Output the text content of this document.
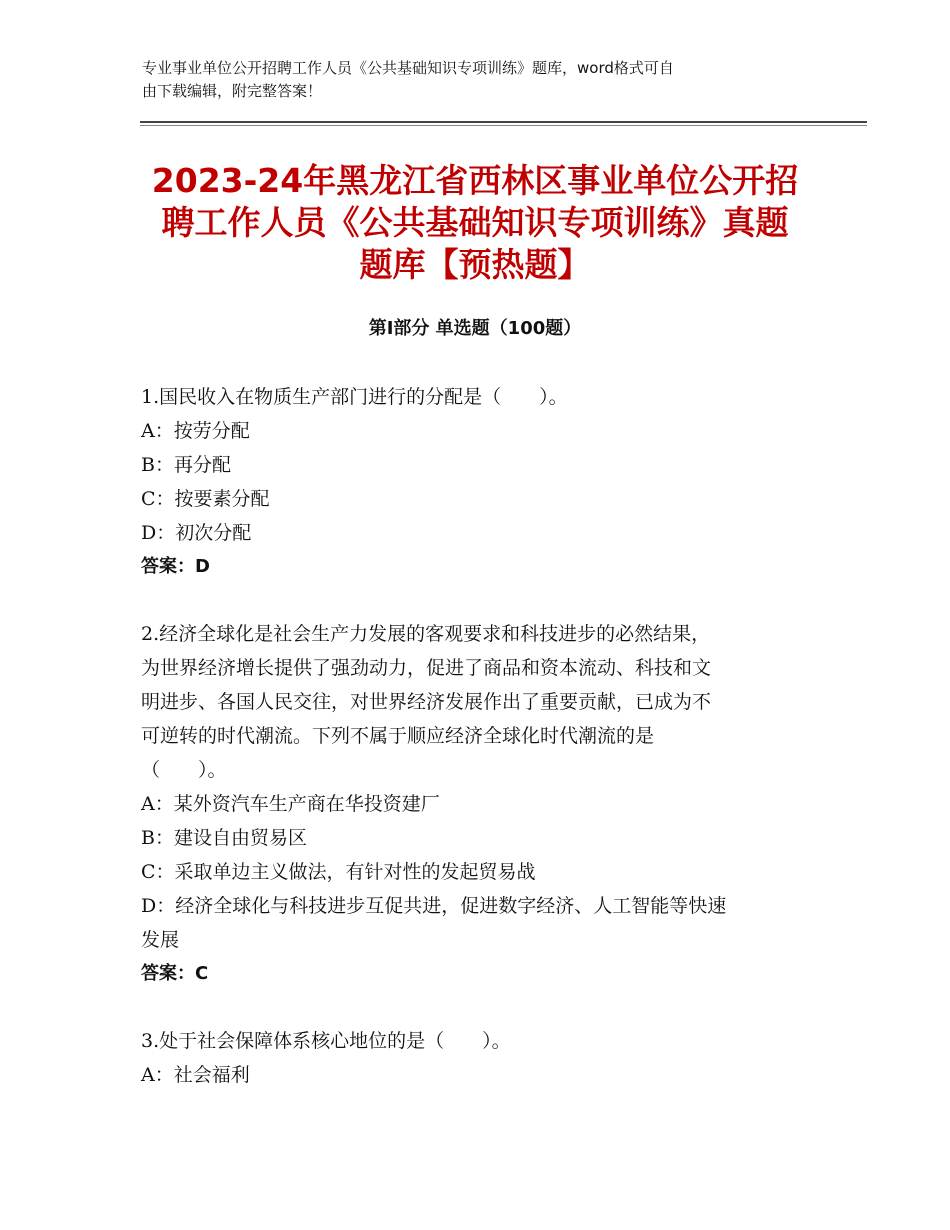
专业事业单位公开招聘工作人员《公共基础知识专项训练》题库，word格式可自
由下载编辑，附完整答案！
2023-24年黑龙江省西林区事业单位公开招
聘工作人员《公共基础知识专项训练》真题
题库【预热题】
第Ⅰ部分 单选题（100题）
1.国民收入在物质生产部门进行的分配是（　　）。
A：按劳分配
B：再分配
C：按要素分配
D：初次分配
答案：D
2.经济全球化是社会生产力发展的客观要求和科技进步的必然结果，
为世界经济增长提供了强劲动力，促进了商品和资本流动、科技和文
明进步、各国人民交往，对世界经济发展作出了重要贡献，已成为不
可逆转的时代潮流。下列不属于顺应经济全球化时代潮流的是
（　　）。
A：某外资汽车生产商在华投资建厂
B：建设自由贸易区
C：采取单边主义做法，有针对性的发起贸易战
D：经济全球化与科技进步互促共进，促进数字经济、人工智能等快速
发展
答案：C
3.处于社会保障体系核心地位的是（　　）。
A：社会福利
